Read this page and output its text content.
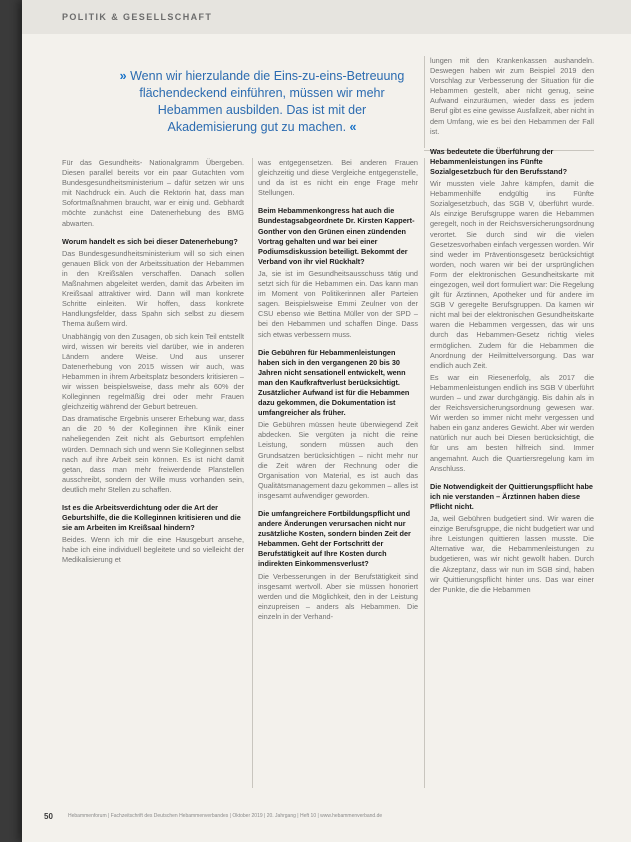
POLITIK & GESELLSCHAFT
» Wenn wir hierzulande die Eins-zu-eins-Betreuung flächendeckend einführen, müssen wir mehr Hebammen ausbilden. Das ist mit der Akademisierung gut zu machen. «

Für das Gesundheits- Nationalgramm Übergeben. Diesen parallel bereits vor ein paar Gutachten vom Bundesgesundheitsministerium – dafür setzen wir uns mit Nachdruck ein. Auch die Rektorin hat, dass man Sofortmaßnahmen braucht, war er einig und. Gebhardt möchte zunächst eine Datenerhebung des BMG abwarten.

Worum handelt es sich bei dieser Datenerhebung?

Das Bundesgesundheitsministerium will so sich einen genauen Blick von der Arbeitssituation der Hebammen in den Kreißsälen verschaffen. Danach sollen Maßnahmen abgeleitet werden, damit das Arbeiten im Kreißsaal attraktiver wird. Dann will man konkrete Schritte einleiten. Wir hoffen, dass konkrete Handlungsfelder, dass Spahn sich selbst zu diesem Thema äußern wird.

Unabhängig von den Zusagen, ob sich kein Teil entstellt wird, wissen wir bereits viel darüber, wie in anderen Ländern andere Weise. Und aus unserer Datenerhebung von 2015 wissen wir auch, was Hebammen in ihrem Arbeitsplatz besonders kritisieren – wir wissen beispielsweise, dass mehr als 60% der Kolleginnen regelmäßig drei oder mehr Frauen gleichzeitig während der Geburt betreuen.

Das dramatische Ergebnis unserer Erhebung war, dass an die 20 % der Kolleginnen ihre Klinik einer naheliegenden Zeit nicht als Geburtsort empfehlen würden. Demnach sich und wenn Sie Kolleginnen selbst nach auf ihre Arbeit sein können. Es ist nicht damit getan, dass man mehr freiwerdende Planstellen ausschreibt, sondern der Wille muss vorhanden sein, deutlich mehr Stellen zu schaffen.

Ist es die Arbeitsverdichtung oder die Art der Geburtshilfe, die die Kolleginnen kritisieren und die sie am Arbeiten im Kreißsaal hindern?

Beides. Wenn ich mir die eine Hausgeburt ansehe, habe ich eine individuell begleitete und so vielleicht der Medikalisierung et

was entgegensetzen. Bei anderen Frauen gleichzeitig und diese Vergleiche entgegenstelle, und da ist es nicht ein enge Frage mehr Stellungen.

Beim Hebammenkongress hat auch die Bundestagsabgeordnete Dr. Kirsten Kappert-Gonther von den Grünen einen zündenden Vortrag gehalten und war bei einer Podiumsdiskussion beteiligt. Bekommt der Verband von ihr viel Rückhalt?

Ja, sie ist im Gesundheitsausschuss tätig und setzt sich für die Hebammen ein. Das kann man im Moment von Politikerinnen aller Parteien sagen. Beispielsweise Emmi Zeulner von der CSU ebenso wie Bettina Müller von der SPD – bei den Hebammen und schaffen Dinge. Dass sich etwas verbessern muss.

Die Gebühren für Hebammenleistungen haben sich in den vergangenen 20 bis 30 Jahren nicht sensationell entwickelt, wenn man den Kaufkraftverlust berücksichtigt. Zusätzlicher Aufwand ist für die Hebammen dazu gekommen, die Dokumentation ist umfangreicher als früher.

Die Gebühren müssen heute überwiegend Zeit abdecken. Sie vergüten ja nicht die reine Leistung, sondern müssen auch den Grundsatzen berücksichtigen – nicht mehr nur die Zeit wären der Rechnung oder die Organisation von Material, es ist auch das Qualitätsmanagement dazu gekommen – alles ist insgesamt aufwendiger geworden.

Die umfangreichere Fortbildungspflicht und andere Änderungen verursachen nicht nur zusätzliche Kosten, sondern binden Zeit der Hebammen. Geht der Fortschritt der Berufstätigkeit auf Ihre Kosten durch indirekten Einkommensverlust?

Die Verbesserungen in der Berufstätigkeit sind insgesamt wertvoll. Aber sie müssen honoriert werden und die Möglichkeit, den in der Leistung einzupreisen – anders als Hebammen. Die einzeln in der Verhand-

lungen mit den Krankenkassen aushandeln. Deswegen haben wir zum Beispiel 2019 den Vorschlag zur Verbesserung der Situation für die Hebammen gestellt, aber nicht genug, seine Aufwand einzuräumen, wieder dass es jedem Beruf gibt es eine gewisse Ausfallzeit, aber nicht in dem Umfang, wie es bei den Hebammen der Fall ist.

Was bedeutete die Überführung der Hebammenleistungen ins Fünfte Sozialgesetzbuch für den Berufsstand?

Wir mussten viele Jahre kämpfen, damit die Hebammenhilfe endgültig ins Fünfte Sozialgesetzbuch, das SGB V, überführt wurde. Als einzige Berufsgruppe waren die Hebammen geregelt, noch in der Reichsversicherungsordnung verortet. Sie durch sind wir die vielen Gesetzesvorhaben einfach vergessen worden. Wir sind weder im Präventionsgesetz berücksichtigt worden, noch waren wir bei der ursprünglichen Form der elektronischen Gesundheitskarte mit eingezogen, weil dort formuliert war: Die Regelung gilt für Ärztinnen, Apotheker und für andere im SGB V geregelte Berufsgruppen. Da kamen wir nicht mal bei der elektronischen Gesundheitskarte waren die Hebammen vergessen, das wir uns durch das Hebammen-Gesetz richtig vieles ermöglichen. Zudem für die Hebammen die Anordnung der Heilmittelversorgung. Das war endlich auch Zeit.

Es war ein Riesenerfolg, als 2017 die Hebammenleistungen endlich ins SGB V überführt wurden – und zwar durchgängig. Bis dahin als in der Reichsversicherungsordnung gewesen war. Wir werden so immer nicht mehr vergessen und haben ein ganz anderes Gewicht. Aber wir werden natürlich nur auch bei Diesen berücksichtigt, die für uns am besten hilfreich sind. Immer angemahnt. Auch die Quartiersregelung kam im Anschluss.

Die Notwendigkeit der Quittierungspflicht habe ich nie verstanden – Ärztinnen haben diese Pflicht nicht.

Ja, weil Gebühren budgetiert sind. Wir waren die einzige Berufsgruppe, die nicht budgetiert war und ihre Leistungen quittieren lassen musste. Die Alternative war, die Hebammenleistungen zu budgetieren, was wir nicht gewollt haben. Durch die Akzeptanz, dass wir nun im SGB sind, haben wir Quittierungspflicht hinter uns. Das war einer der Punkte, die die Hebammen

50	Hebammenforum | Fachzeitschrift des Deutschen Hebammenverbandes | Oktober 2019 | 20. Jahrgang | Heft 10 | www.hebammenverband.de
